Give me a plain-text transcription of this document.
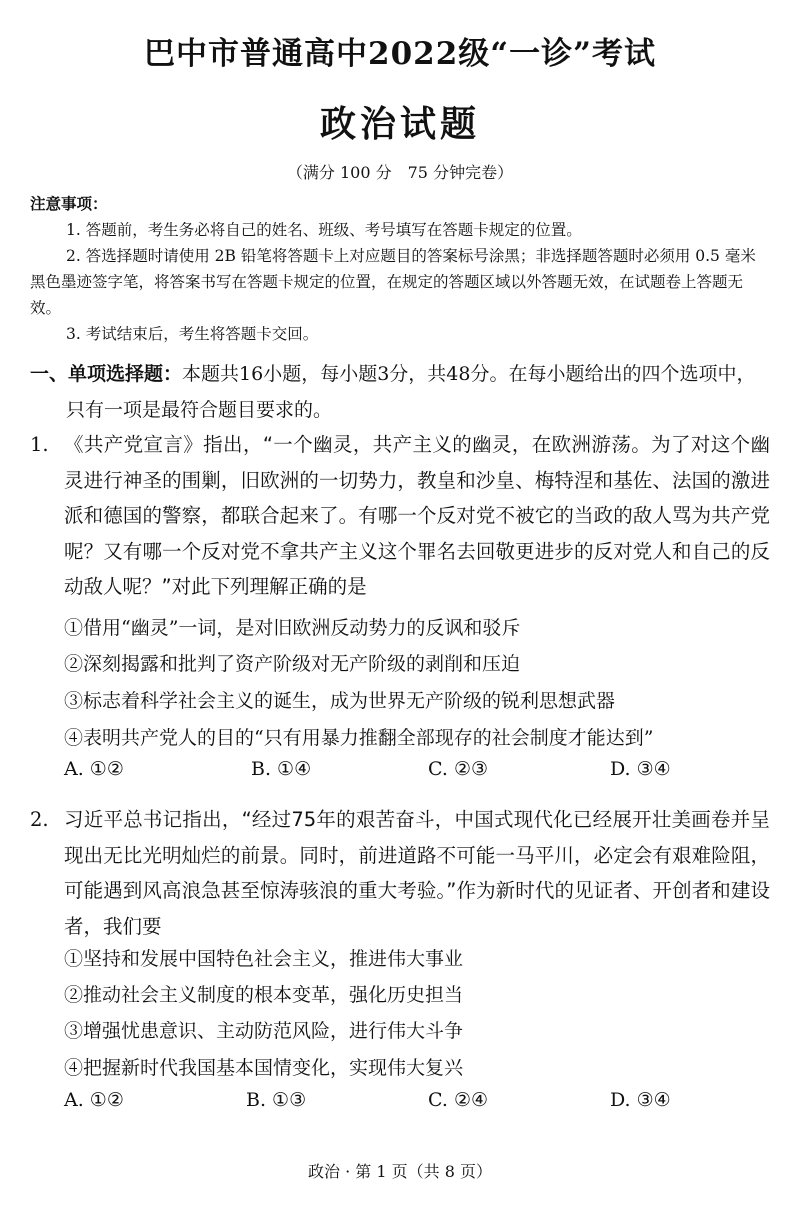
巴中市普通高中2022级“一诊”考试
政治试题
（满分 100 分　75 分钟完卷）
注意事项：
1. 答题前，考生务必将自己的姓名、班级、考号填写在答题卡规定的位置。
2. 答选择题时请使用 2B 铅笔将答题卡上对应题目的答案标号涂黑；非选择题答题时必须用 0.5 毫米黑色墨迹签字笔，将答案书写在答题卡规定的位置，在规定的答题区域以外答题无效，在试题卷上答题无效。
3. 考试结束后，考生将答题卡交回。
一、单项选择题：本题共16小题，每小题3分，共48分。在每小题给出的四个选项中，
只有一项是最符合题目要求的。
1. 《共产党宣言》指出，“一个幽灵，共产主义的幽灵，在欧洲游荡。为了对这个幽灵进行神圣的围剿，旧欧洲的一切势力，教皇和沙皇、梅特涅和基佐、法国的激进派和德国的警察，都联合起来了。有哪一个反对党不被它的当政的敌人骂为共产党呢？又有哪一个反对党不拿共产主义这个罪名去回敬更进步的反对党人和自己的反动敌人呢？”对此下列理解正确的是
①借用“幽灵”一词，是对旧欧洲反动势力的反讽和驳斥
②深刻揭露和批判了资产阶级对无产阶级的剥削和压迫
③标志着科学社会主义的诞生，成为世界无产阶级的锐利思想武器
④表明共产党人的目的“只有用暴力推翻全部现存的社会制度才能达到”
A. ①②	B. ①④	C. ②③	D. ③④
2. 习近平总书记指出，“经过75年的艰苦奋斗，中国式现代化已经展开壮美画卷并呈现出无比光明灿烂的前景。同时，前进道路不可能一马平川，必定会有艰难险阻，可能遇到风高浪急甚至惊涛骇浪的重大考验。”作为新时代的见证者、开创者和建设者，我们要
①坚持和发展中国特色社会主义，推进伟大事业
②推动社会主义制度的根本变革，强化历史担当
③增强忧患意识、主动防范风险，进行伟大斗争
④把握新时代我国基本国情变化，实现伟大复兴
A. ①②	B. ①③	C. ②④	D. ③④
政治 · 第 1 页（共 8 页）
